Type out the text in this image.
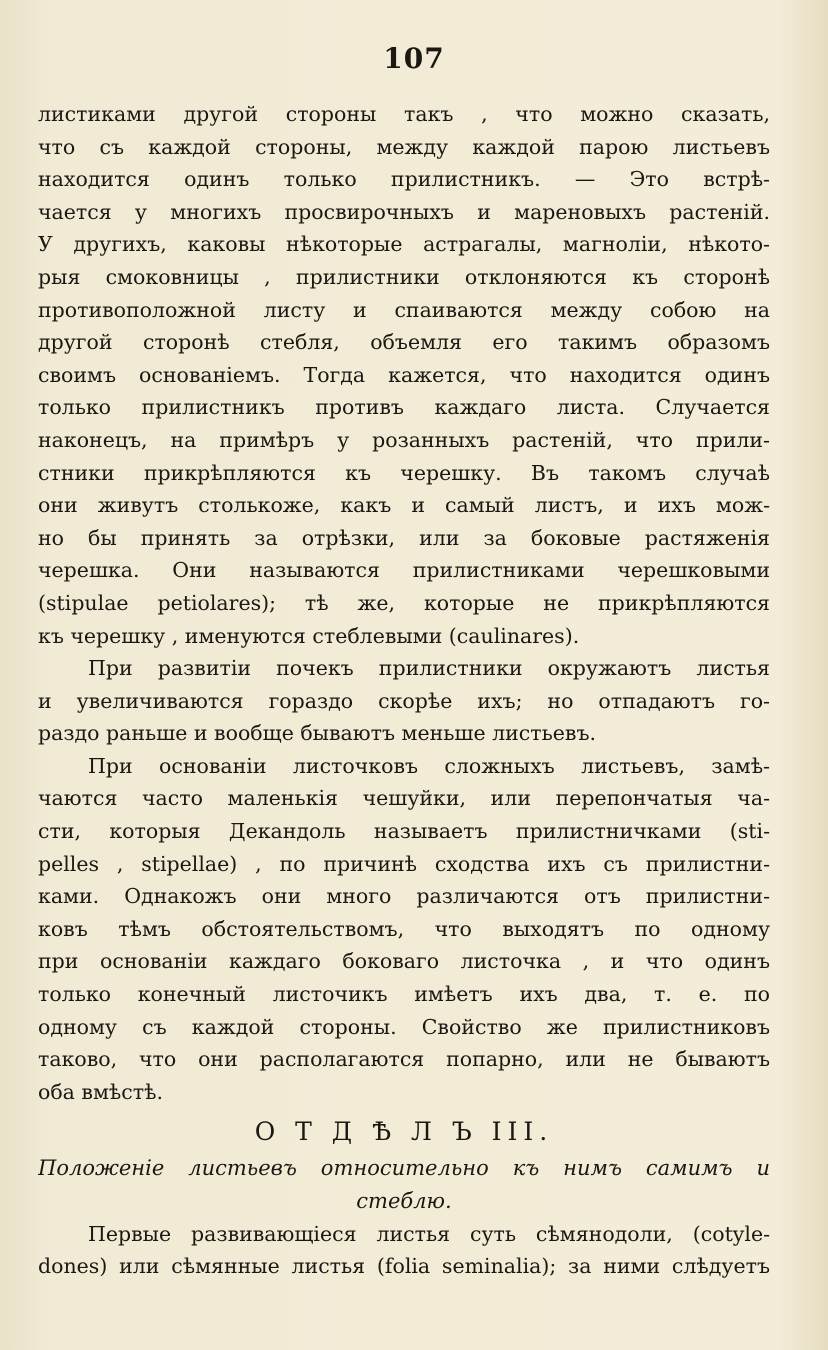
107
листиками другой стороны такъ , что можно сказать,
что съ каждой стороны, между каждой парою листьевъ
находится одинъ только прилистникъ. — Это встрѣ-
чается у многихъ просвирочныхъ и мареновыхъ растеній.
У другихъ, каковы нѣкоторые астрагалы, магноліи, нѣкото-
рыя смоковницы , прилистники отклоняются къ сторонѣ
противоположной листу и спаиваются между собою на
другой сторонѣ стебля, объемля его такимъ образомъ
своимъ основаніемъ. Тогда кажется, что находится одинъ
только прилистникъ противъ каждаго листа. Случается
наконецъ, на примѣръ у розанныхъ растеній, что прили-
стники прикрѣпляются къ черешку. Въ такомъ случаѣ
они живутъ столькоже, какъ и самый листъ, и ихъ мож-
но бы принять за отрѣзки, или за боковые растяженія
черешка. Они называются прилистниками черешковыми
(stipulae petiolares); тѣ же, которые не прикрѣпляются
къ черешку , именуются стеблевыми (caulinares).
При развитіи почекъ прилистники окружаютъ листья
и увеличиваются гораздо скорѣе ихъ; но отпадаютъ го-
раздо раньше и вообще бываютъ меньше листьевъ.
При основаніи листочковъ сложныхъ листьевъ, замѣ-
чаются часто маленькія чешуйки, или перепончатыя ча-
сти, которыя Декандоль называетъ прилистничками (sti-
pelles , stipellae) , по причинѣ сходства ихъ съ прилистни-
ками. Однакожъ они много различаются отъ прилистни-
ковъ тѣмъ обстоятельствомъ, что выходятъ по одному
при основаніи каждаго боковаго листочка , и что одинъ
только конечный листочикъ имѣетъ ихъ два, т. е. по
одному съ каждой стороны. Свойство же прилистниковъ
таково, что они располагаются попарно, или не бываютъ
оба вмѣстѣ.
О Т Д Ѣ Л Ъ III.
Положеніе листьевъ относительно къ нимъ самимъ и
стеблю.
Первые развивающіеся листья суть сѣмянодоли, (cotyle-
dones) или сѣмянные листья (folia seminalia); за ними слѣдуетъ
